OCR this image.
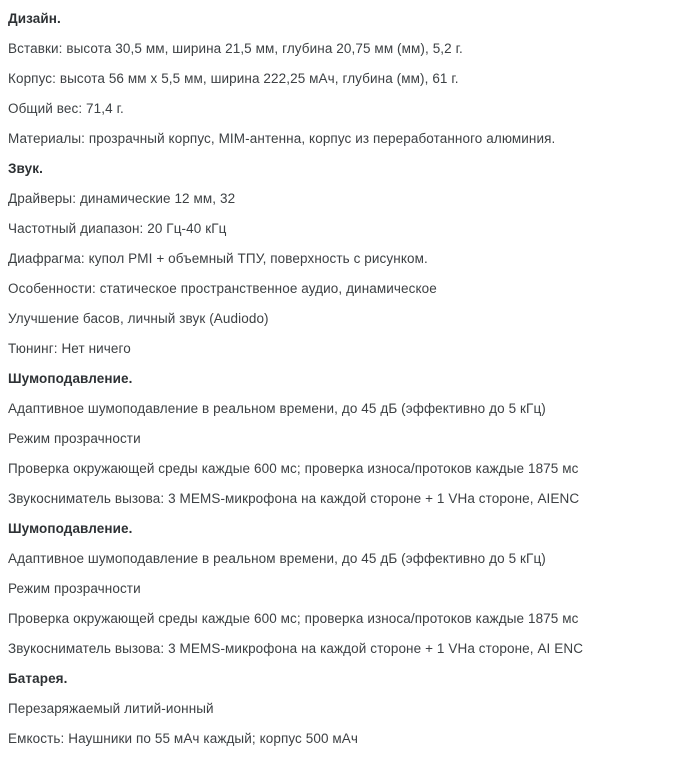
Дизайн.

Вставки: высота 30,5 мм, ширина 21,5 мм, глубина 20,75 мм (мм), 5,2 г.

Корпус: высота 56 мм x 5,5 мм, ширина 222,25 мАч, глубина (мм), 61 г.

Общий вес: 71,4 г.

Материалы: прозрачный корпус, MIM-антенна, корпус из переработанного алюминия.

Звук.

Драйверы: динамические 12 мм, 32

Частотный диапазон: 20 Гц-40 кГц

Диафрагма: купол PMI + объемный ТПУ, поверхность с рисунком.

Особенности: статическое пространственное аудио, динамическое

Улучшение басов, личный звук (Audiodo)

Тюнинг: Нет ничего

Шумоподавление.

Адаптивное шумоподавление в реальном времени, до 45 дБ (эффективно до 5 кГц)

Режим прозрачности

Проверка окружающей среды каждые 600 мс; проверка износа/протоков каждые 1875 мс

Звукосниматель вызова: 3 MEMS-микрофона на каждой стороне + 1 VHа стороне, AIENC

Шумоподавление.

Адаптивное шумоподавление в реальном времени, до 45 дБ (эффективно до 5 кГц)

Режим прозрачности

Проверка окружающей среды каждые 600 мс; проверка износа/протоков каждые 1875 мс

Звукосниматель вызова: 3 MEMS-микрофона на каждой стороне + 1 VHа стороне, AI ENC

Батарея.

Перезаряжаемый литий-ионный

Емкость: Наушники по 55 мАч каждый; корпус 500 мАч
